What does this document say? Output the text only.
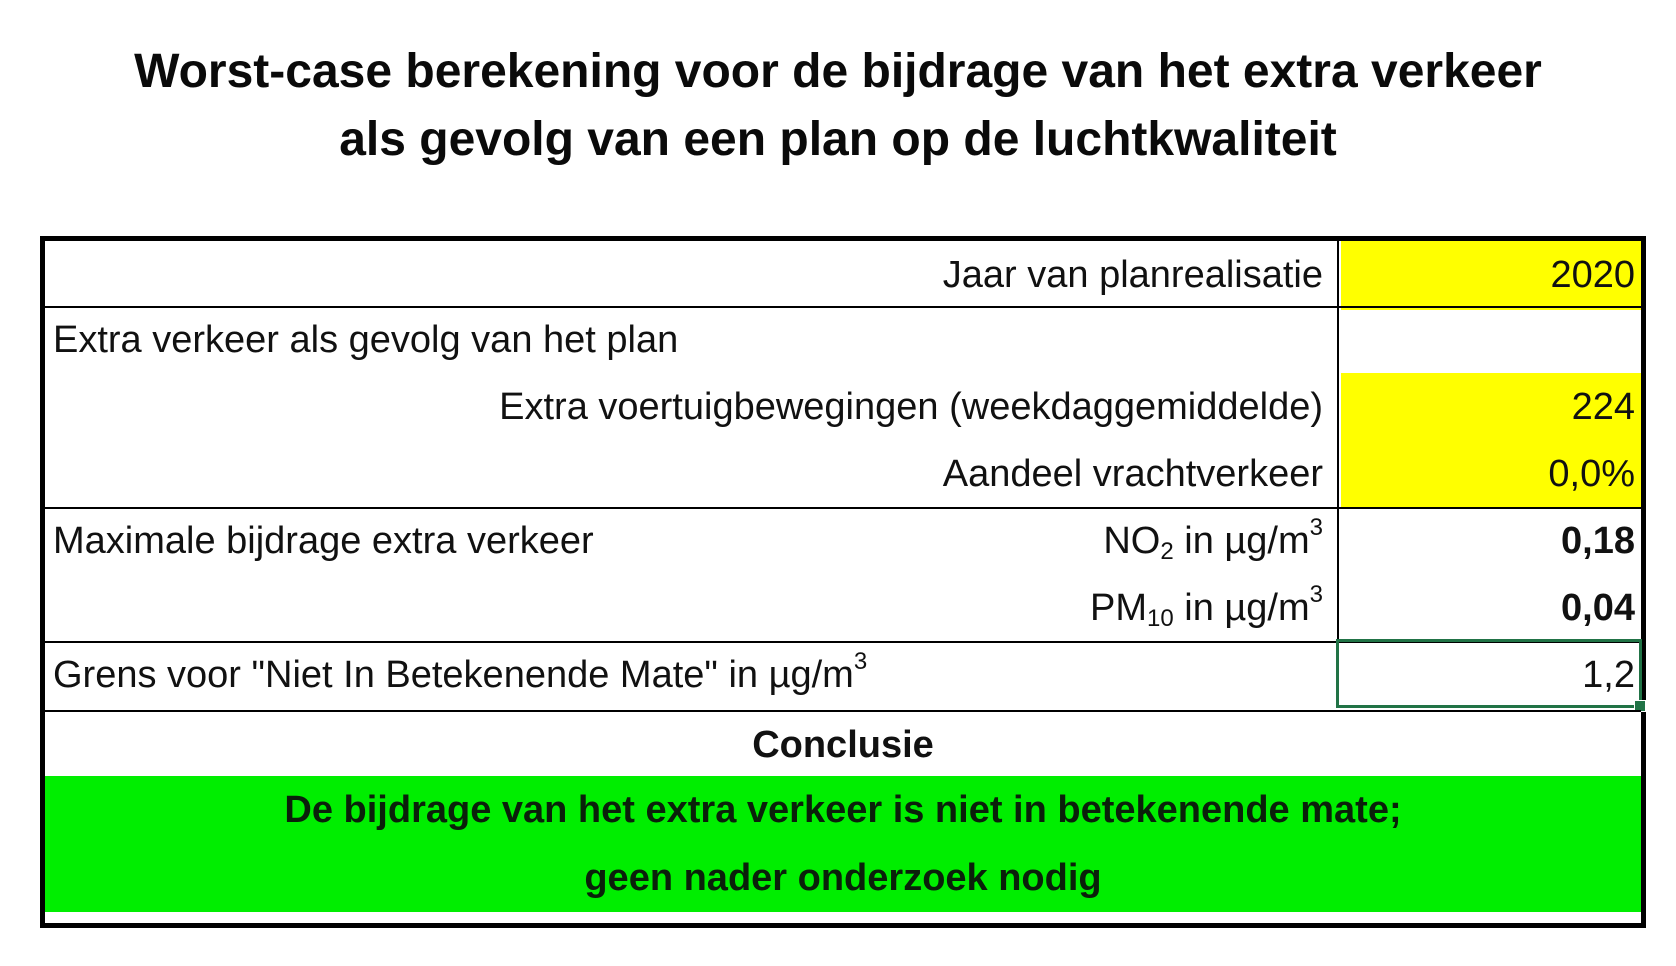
Worst-case berekening voor de bijdrage van het extra verkeer
als gevolg van een plan op de luchtkwaliteit
Jaar van planrealisatie	2020
Extra verkeer als gevolg van het plan
Extra voertuigbewegingen (weekdaggemiddelde)	224
Aandeel vrachtverkeer	0,0%
Maximale bijdrage extra verkeer	$NO_2$ in $\mu g/m^3$	0,18
$PM_{10}$ in $\mu g/m^3$	0,04
Grens voor "Niet In Betekenende Mate" in $\mu g/m^3$	1,2
Conclusie
De bijdrage van het extra verkeer is niet in betekenende mate;
geen nader onderzoek nodig
